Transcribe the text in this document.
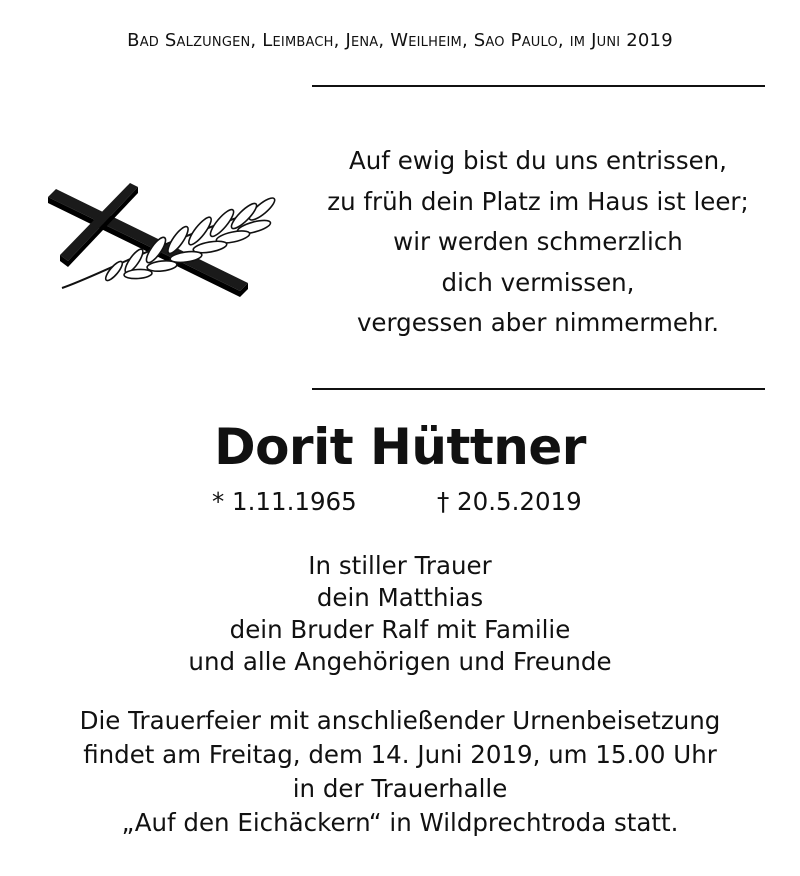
Bad Salzungen, Leimbach, Jena, Weilheim, Sao Paulo, im Juni 2019
Auf ewig bist du uns entrissen,
zu früh dein Platz im Haus ist leer;
wir werden schmerzlich
dich vermissen,
vergessen aber nimmermehr.
Dorit Hüttner
* 1.11.1965	† 20.5.2019
In stiller Trauer
dein Matthias
dein Bruder Ralf mit Familie
und alle Angehörigen und Freunde
Die Trauerfeier mit anschließender Urnenbeisetzung
findet am Freitag, dem 14. Juni 2019, um 15.00 Uhr
in der Trauerhalle
„Auf den Eichäckern“ in Wildprechtroda statt.
